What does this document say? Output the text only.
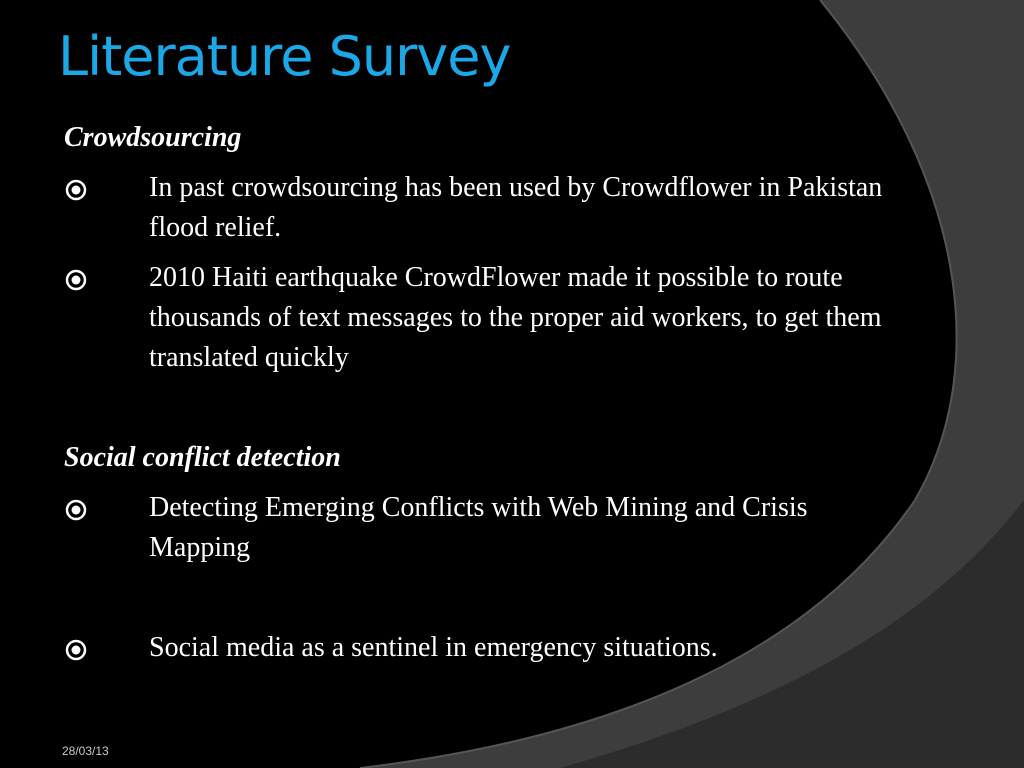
Literature Survey
Crowdsourcing
In past crowdsourcing has been used by Crowdflower in Pakistan flood relief.
2010 Haiti earthquake CrowdFlower made it possible to route thousands of text messages to the proper aid workers, to get them translated quickly
Social conflict detection
Detecting Emerging Conflicts with Web Mining and Crisis Mapping
Social media as a sentinel in emergency situations.
28/03/13
